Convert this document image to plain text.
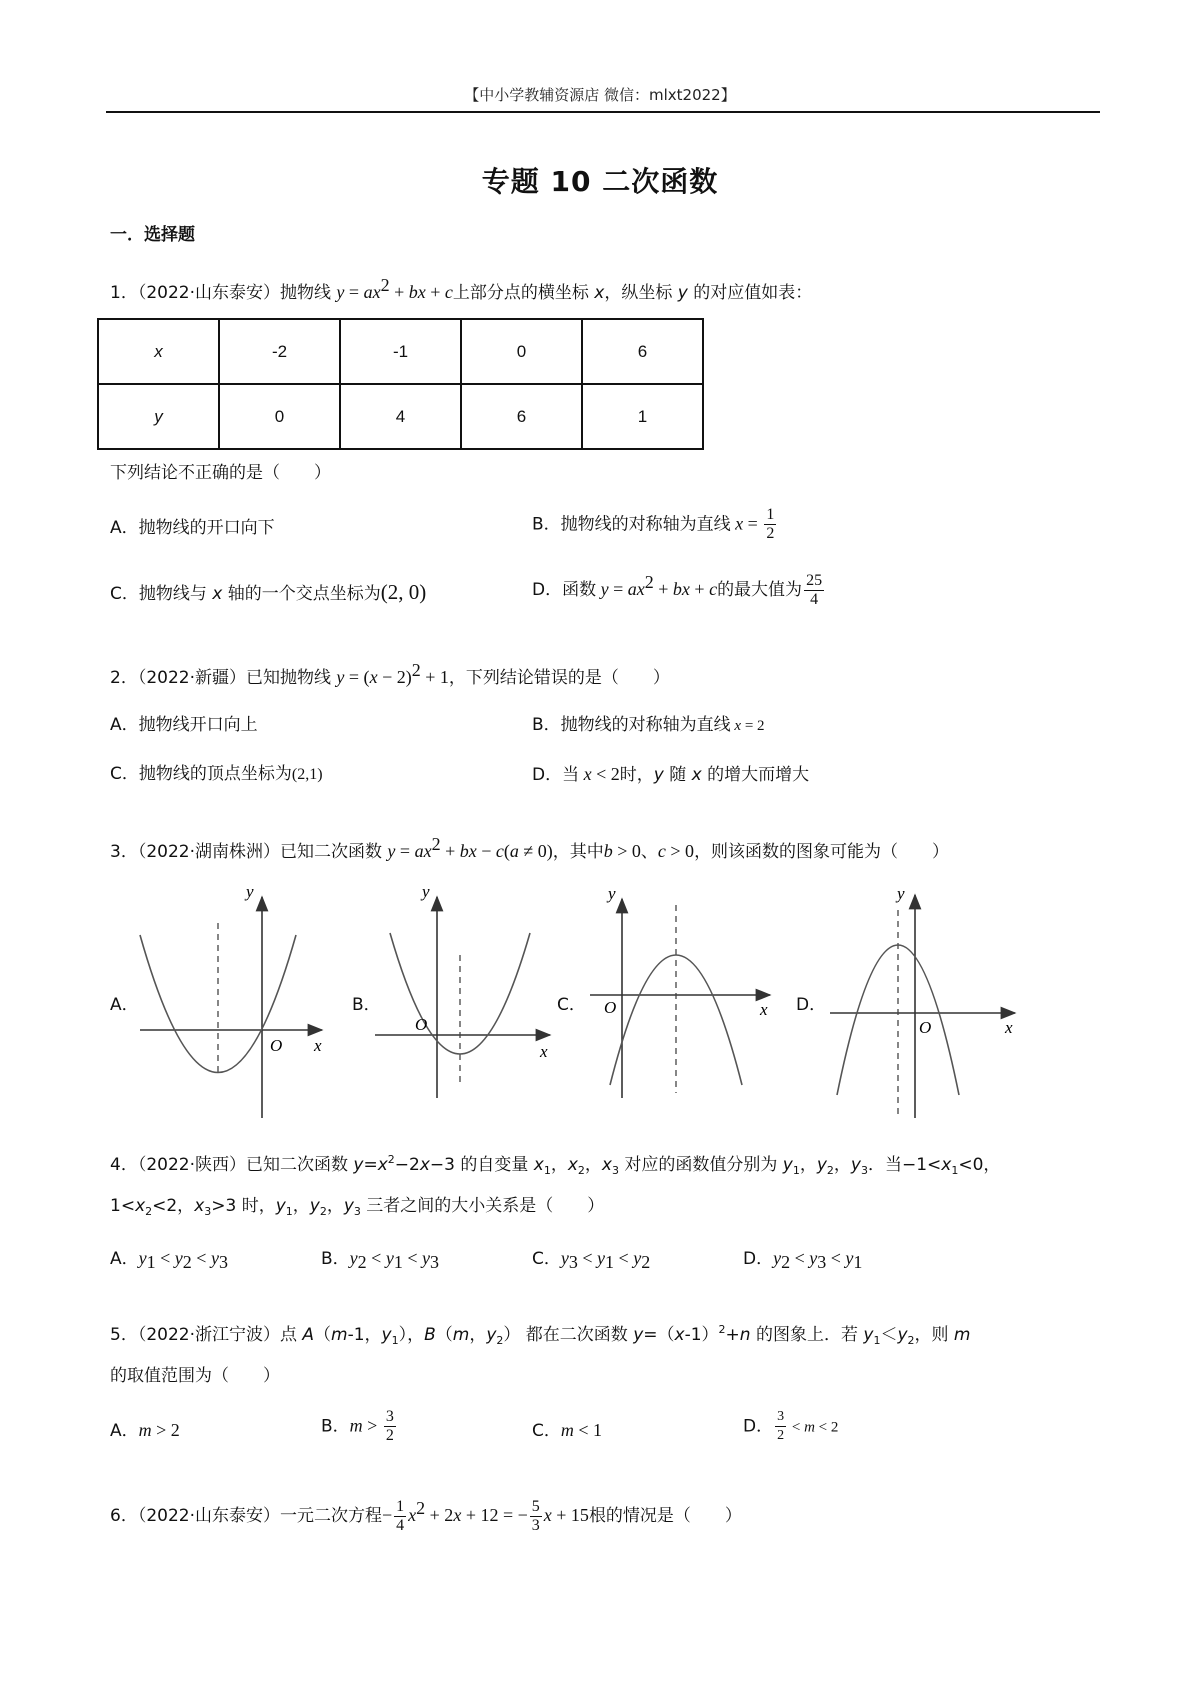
【中小学教辅资源店 微信：mlxt2022】
专题 10 二次函数
一．选择题
1．（2022·山东泰安）抛物线 $y = ax^2$ + bx + c上部分点的横坐标 x，纵坐标 y 的对应值如表：
x	-2	-1	0	6
y	0	4	6	1
下列结论不正确的是（　　）
A．抛物线的开口向下	B．抛物线的对称轴为直线 $x = \frac{1}{2}$
C．抛物线与 x 轴的一个交点坐标为(2, 0)	D．函数 $y = ax^2$ + bx + c的最大值为 $\frac{25}{4}$
2．（2022·新疆）已知抛物线 $y = (x - 2)^2 + 1$，下列结论错误的是（　　）
A．抛物线开口向上	B．抛物线的对称轴为直线 x = 2
C．抛物线的顶点坐标为(2,1)	D．当 x < 2时，y 随 x 的增大而增大
3．（2022·湖南株洲）已知二次函数 $y = ax^2$ + bx − c(a ≠ 0)，其中b > 0、c > 0，则该函数的图象可能为（　　）
A．	B．	C．	D．
y
x
O
y
x
O
y
x
O
y
x
O
4．（2022·陕西）已知二次函数 $y=x^2-2x-3$ 的自变量 $x_1$，$x_2$，$x_3$ 对应的函数值分别为 $y_1$，$y_2$，$y_3$．当$-1<x_1<0$，
$1<x_2<2$，$x_3>3$ 时，$y_1$，$y_2$，$y_3$ 三者之间的大小关系是（　　）
A．$y_1 < y_2 < y_3$	B．$y_2 < y_1 < y_3$	C．$y_3 < y_1 < y_2$	D．$y_2 < y_3 < y_1$
5．（2022·浙江宁波）点 A（m-1，$y_1$），B（m，$y_2$） 都在二次函数 $y=(x-1)^2+n$ 的图象上．若 $y_1<y_2$，则 m
的取值范围为（　　）
A．m > 2	B．$m > \frac{3}{2}$	C．m < 1	D． $\frac{3}{2} < m < 2$
6．（2022·山东泰安）一元二次方程− $\frac{1}{4} x^2 + 2x + 12$ = − $\frac{5}{3}$ x + 15根的情况是（　　）
